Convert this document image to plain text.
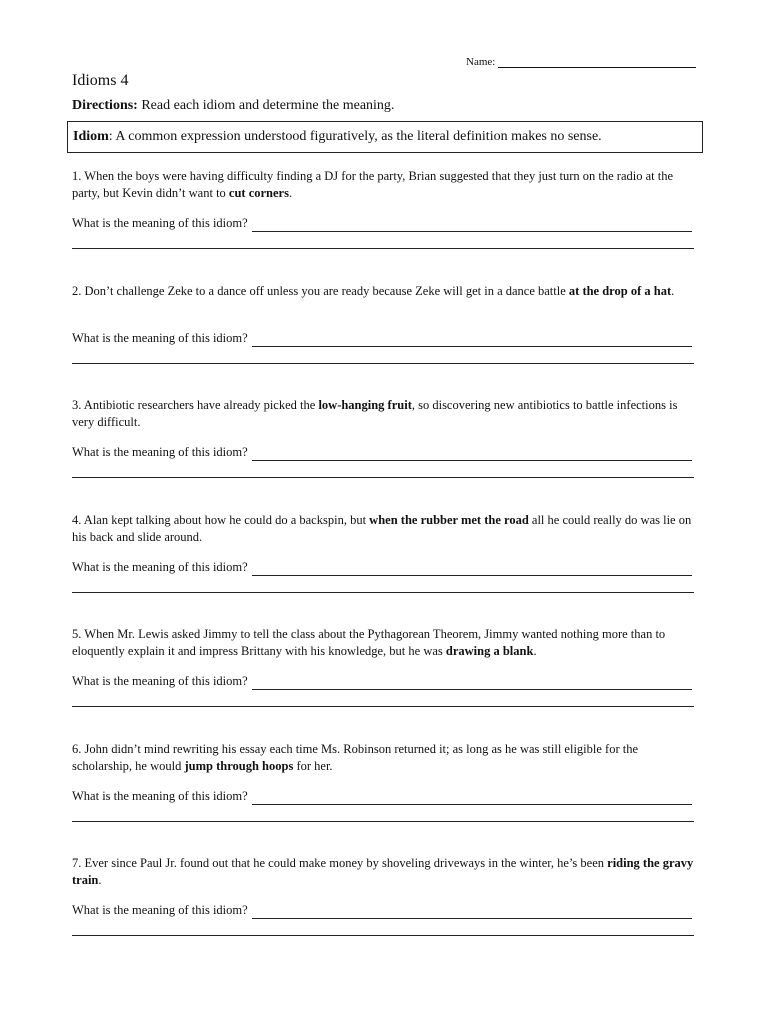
Name:
Idioms 4
Directions: Read each idiom and determine the meaning.
Idiom: A common expression understood figuratively, as the literal definition makes no sense.
1. When the boys were having difficulty finding a DJ for the party, Brian suggested that they just turn on the radio at the party, but Kevin didn’t want to cut corners.
What is the meaning of this idiom?
2. Don’t challenge Zeke to a dance off unless you are ready because Zeke will get in a dance battle at the drop of a hat.
What is the meaning of this idiom?
3. Antibiotic researchers have already picked the low-hanging fruit, so discovering new antibiotics to battle infections is very difficult.
What is the meaning of this idiom?
4. Alan kept talking about how he could do a backspin, but when the rubber met the road all he could really do was lie on his back and slide around.
What is the meaning of this idiom?
5. When Mr. Lewis asked Jimmy to tell the class about the Pythagorean Theorem, Jimmy wanted nothing more than to eloquently explain it and impress Brittany with his knowledge, but he was drawing a blank.
What is the meaning of this idiom?
6. John didn’t mind rewriting his essay each time Ms. Robinson returned it; as long as he was still eligible for the scholarship, he would jump through hoops for her.
What is the meaning of this idiom?
7. Ever since Paul Jr. found out that he could make money by shoveling driveways in the winter, he’s been riding the gravy train.
What is the meaning of this idiom?
